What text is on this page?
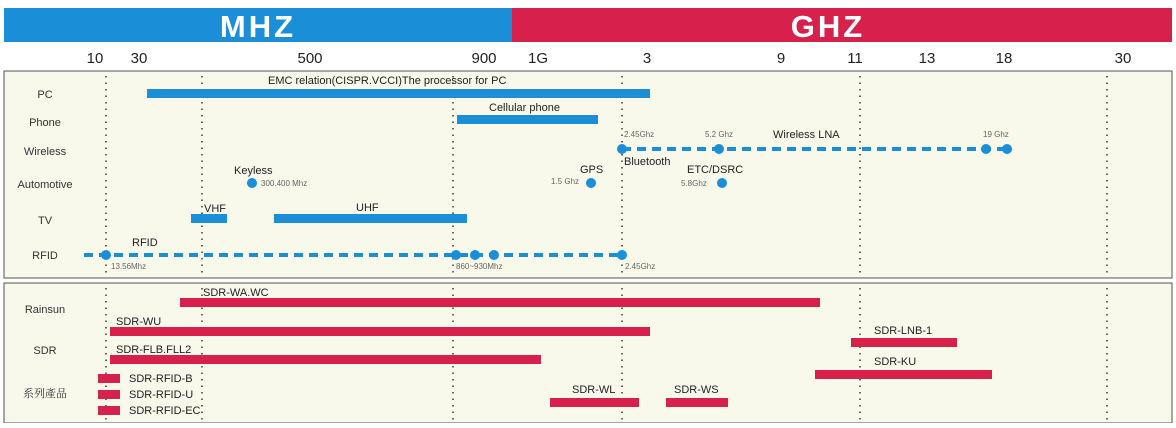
MHZ	GHZ
10 30	500	900 1G	3	9	11	13	18	30
PC
Phone
Wireless
Automotive
TV
RFID
Rainsun
SDR
系列產品
EMC relation(CISPR.VCCI)The processor for PC
Cellular phone
Wireless LNA
VHF	UHF
RFID
2.45Ghz	5.2 Ghz	19 Ghz
Bluetooth
GPS
1.5 Ghz
ETC/DSRC
5.8Ghz
Keyless
300.400 Mhz
13.56Mhz	860~930Mhz	2.45Ghz
SDR-WA.WC
SDR-WU
SDR-FLB.FLL2
SDR-RFID-B
SDR-RFID-U
SDR-RFID-EC
SDR-WL	SDR-WS
SDR-LNB-1
SDR-KU
